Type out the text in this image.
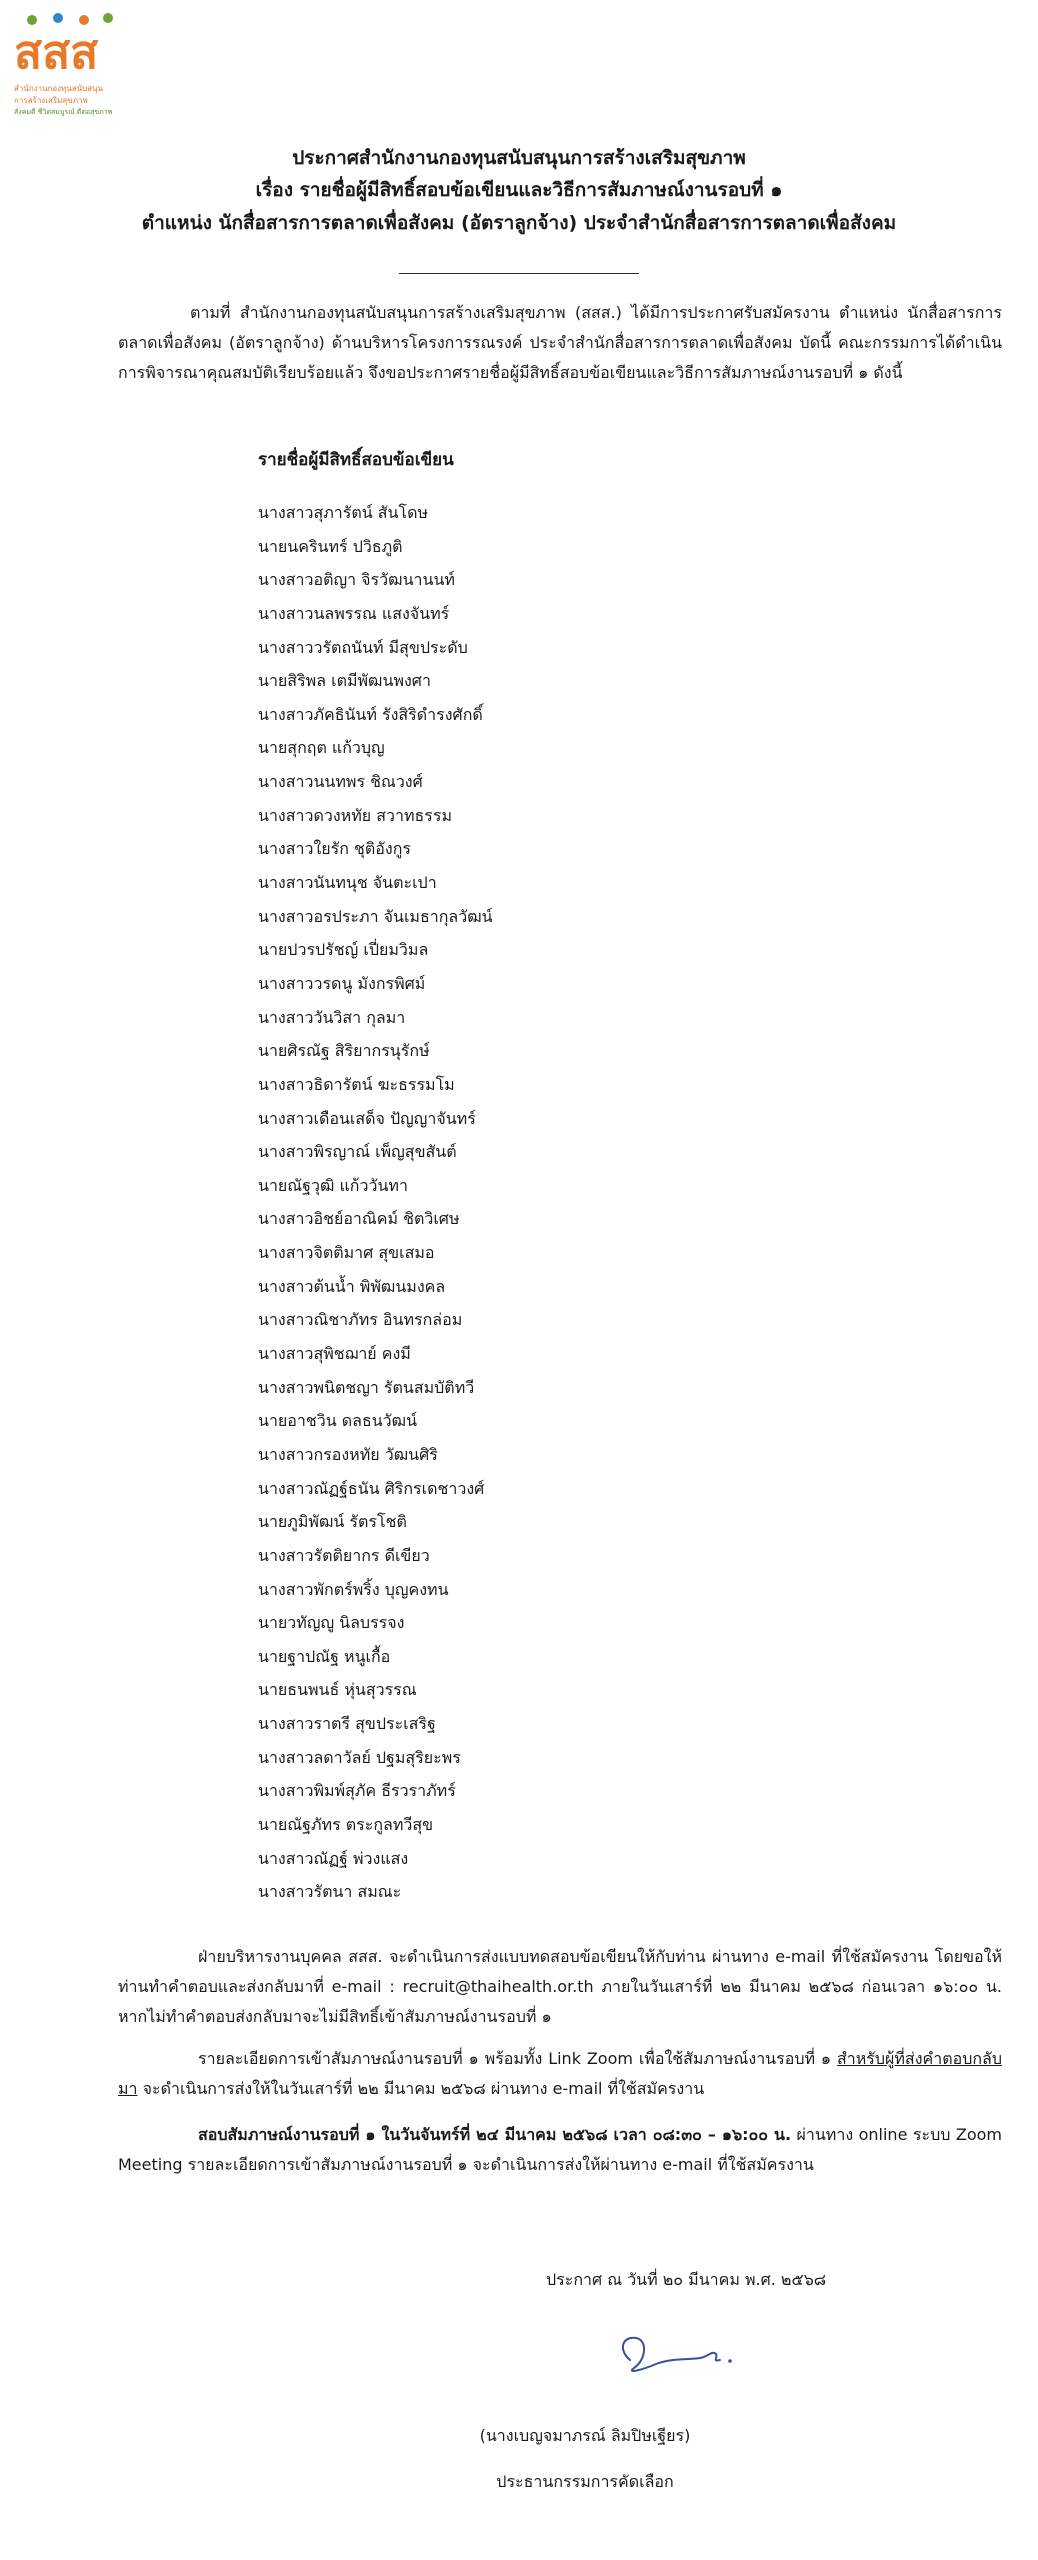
สสส
สำนักงานกองทุนสนับสนุน
การสร้างเสริมสุขภาพ
สังคมดี ชีวิตสมบูรณ์ ดีต่อสุขภาพ
ประกาศสำนักงานกองทุนสนับสนุนการสร้างเสริมสุขภาพ
เรื่อง รายชื่อผู้มีสิทธิ์สอบข้อเขียนและวิธีการสัมภาษณ์งานรอบที่ ๑
ตำแหน่ง นักสื่อสารการตลาดเพื่อสังคม (อัตราลูกจ้าง) ประจำสำนักสื่อสารการตลาดเพื่อสังคม
ตามที่ สำนักงานกองทุนสนับสนุนการสร้างเสริมสุขภาพ (สสส.) ได้มีการประกาศรับสมัครงาน ตำแหน่ง นักสื่อสารการตลาดเพื่อสังคม (อัตราลูกจ้าง) ด้านบริหารโครงการรณรงค์ ประจำสำนักสื่อสารการตลาดเพื่อสังคม บัดนี้ คณะกรรมการได้ดำเนินการพิจารณาคุณสมบัติเรียบร้อยแล้ว จึงขอประกาศรายชื่อผู้มีสิทธิ์สอบข้อเขียนและวิธีการสัมภาษณ์งานรอบที่ ๑ ดังนี้
รายชื่อผู้มีสิทธิ์สอบข้อเขียน
นางสาวสุภารัตน์ สันโดษ
นายนครินทร์ ปวิธภูติ
นางสาวอติญา จิรวัฒนานนท์
นางสาวนลพรรณ แสงจันทร์
นางสาววรัตถนันท์ มีสุขประดับ
นายสิริพล เตมีพัฒนพงศา
นางสาวภัคธินันท์ รังสิริดำรงศักดิ์
นายสุกฤต แก้วบุญ
นางสาวนนทพร ชิณวงศ์
นางสาวดวงหทัย สวาทธรรม
นางสาวใยรัก ชุติอังกูร
นางสาวนันทนุช จันตะเปา
นางสาวอรประภา จันเมธากุลวัฒน์
นายปวรปรัชญ์ เปี่ยมวิมล
นางสาววรดนู มังกรพิศม์
นางสาววันวิสา กุลมา
นายศิรณัฐ สิริยากรนุรักษ์
นางสาวธิดารัตน์ ฆะธรรมโม
นางสาวเดือนเสด็จ ปัญญาจันทร์
นางสาวพิรญาณ์ เพ็ญสุขสันต์
นายณัฐวุฒิ แก้ววันทา
นางสาวอิชย์อาณิคม์ ชิตวิเศษ
นางสาวจิตติมาศ สุขเสมอ
นางสาวต้นน้ำ พิพัฒนมงคล
นางสาวณิชาภัทร อินทรกล่อม
นางสาวสุพิชฌาย์ คงมี
นางสาวพนิตชญา รัตนสมบัติทวี
นายอาชวิน ดลธนวัฒน์
นางสาวกรองหทัย วัฒนศิริ
นางสาวณัฏฐ์ธนัน ศิริกรเดชาวงศ์
นายภูมิพัฒน์ รัตรโชติ
นางสาวรัตติยากร ดีเขียว
นางสาวพักตร์พริ้ง บุญคงทน
นายวทัญญู นิลบรรจง
นายฐาปณัฐ หนูเกื้อ
นายธนพนธ์ หุ่นสุวรรณ
นางสาวราตรี สุขประเสริฐ
นางสาวลดาวัลย์ ปฐมสุริยะพร
นางสาวพิมพ์สุภัค ธีรวราภัทร์
นายณัฐภัทร ตระกูลทวีสุข
นางสาวณัฏฐ์ พ่วงแสง
นางสาวรัตนา สมณะ
ฝ่ายบริหารงานบุคคล สสส. จะดำเนินการส่งแบบทดสอบข้อเขียนให้กับท่าน ผ่านทาง e-mail ที่ใช้สมัครงาน โดยขอให้ท่านทำคำตอบและส่งกลับมาที่ e-mail : recruit@thaihealth.or.th ภายในวันเสาร์ที่ ๒๒ มีนาคม ๒๕๖๘ ก่อนเวลา ๑๖:๐๐ น. หากไม่ทำคำตอบส่งกลับมาจะไม่มีสิทธิ์เข้าสัมภาษณ์งานรอบที่ ๑
รายละเอียดการเข้าสัมภาษณ์งานรอบที่ ๑ พร้อมทั้ง Link Zoom เพื่อใช้สัมภาษณ์งานรอบที่ ๑ สำหรับผู้ที่ส่งคำตอบกลับมา จะดำเนินการส่งให้ในวันเสาร์ที่ ๒๒ มีนาคม ๒๕๖๘ ผ่านทาง e-mail ที่ใช้สมัครงาน
สอบสัมภาษณ์งานรอบที่ ๑ ในวันจันทร์ที่ ๒๔ มีนาคม ๒๕๖๘ เวลา ๐๘:๓๐ – ๑๖:๐๐ น. ผ่านทาง online ระบบ Zoom Meeting รายละเอียดการเข้าสัมภาษณ์งานรอบที่ ๑ จะดำเนินการส่งให้ผ่านทาง e-mail ที่ใช้สมัครงาน
ประกาศ ณ วันที่ ๒๐ มีนาคม พ.ศ. ๒๕๖๘
(นางเบญจมาภรณ์ ลิมปิษเฐียร)
ประธานกรรมการคัดเลือก
